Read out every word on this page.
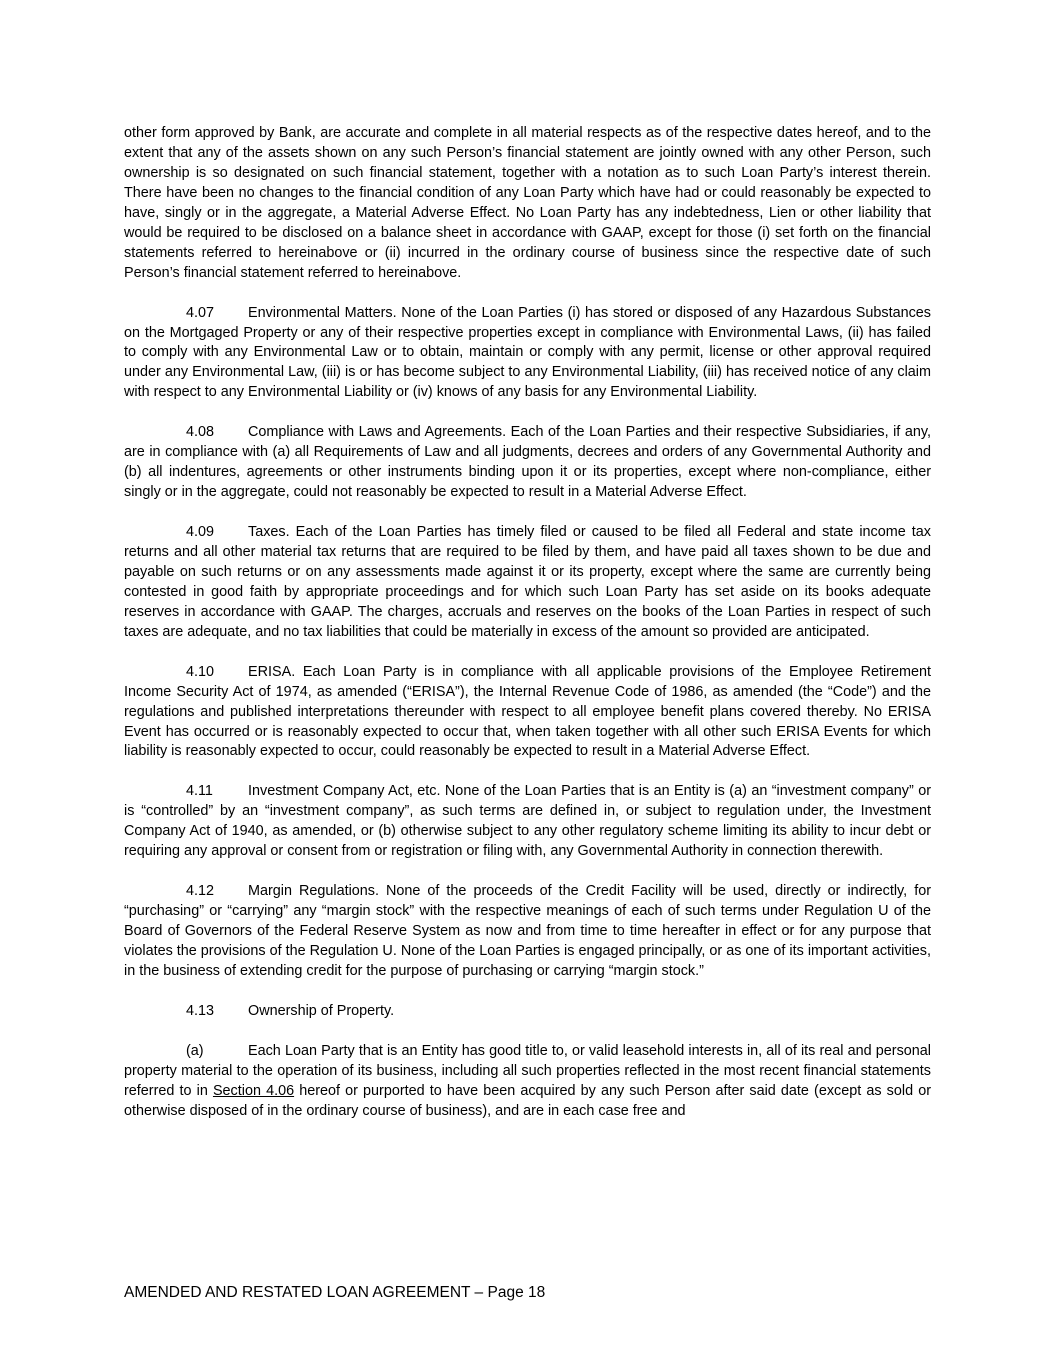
other form approved by Bank, are accurate and complete in all material respects as of the respective dates hereof, and to the extent that any of the assets shown on any such Person’s financial statement are jointly owned with any other Person, such ownership is so designated on such financial statement, together with a notation as to such Loan Party’s interest therein. There have been no changes to the financial condition of any Loan Party which have had or could reasonably be expected to have, singly or in the aggregate, a Material Adverse Effect. No Loan Party has any indebtedness, Lien or other liability that would be required to be disclosed on a balance sheet in accordance with GAAP, except for those (i) set forth on the financial statements referred to hereinabove or (ii) incurred in the ordinary course of business since the respective date of such Person’s financial statement referred to hereinabove.

4.07 Environmental Matters. None of the Loan Parties (i) has stored or disposed of any Hazardous Substances on the Mortgaged Property or any of their respective properties except in compliance with Environmental Laws, (ii) has failed to comply with any Environmental Law or to obtain, maintain or comply with any permit, license or other approval required under any Environmental Law, (iii) is or has become subject to any Environmental Liability, (iii) has received notice of any claim with respect to any Environmental Liability or (iv) knows of any basis for any Environmental Liability.

4.08 Compliance with Laws and Agreements. Each of the Loan Parties and their respective Subsidiaries, if any, are in compliance with (a) all Requirements of Law and all judgments, decrees and orders of any Governmental Authority and (b) all indentures, agreements or other instruments binding upon it or its properties, except where non-compliance, either singly or in the aggregate, could not reasonably be expected to result in a Material Adverse Effect.

4.09 Taxes. Each of the Loan Parties has timely filed or caused to be filed all Federal and state income tax returns and all other material tax returns that are required to be filed by them, and have paid all taxes shown to be due and payable on such returns or on any assessments made against it or its property, except where the same are currently being contested in good faith by appropriate proceedings and for which such Loan Party has set aside on its books adequate reserves in accordance with GAAP. The charges, accruals and reserves on the books of the Loan Parties in respect of such taxes are adequate, and no tax liabilities that could be materially in excess of the amount so provided are anticipated.

4.10 ERISA. Each Loan Party is in compliance with all applicable provisions of the Employee Retirement Income Security Act of 1974, as amended (“ERISA”), the Internal Revenue Code of 1986, as amended (the “Code”) and the regulations and published interpretations thereunder with respect to all employee benefit plans covered thereby. No ERISA Event has occurred or is reasonably expected to occur that, when taken together with all other such ERISA Events for which liability is reasonably expected to occur, could reasonably be expected to result in a Material Adverse Effect.

4.11 Investment Company Act, etc. None of the Loan Parties that is an Entity is (a) an “investment company” or is “controlled” by an “investment company”, as such terms are defined in, or subject to regulation under, the Investment Company Act of 1940, as amended, or (b) otherwise subject to any other regulatory scheme limiting its ability to incur debt or requiring any approval or consent from or registration or filing with, any Governmental Authority in connection therewith.

4.12 Margin Regulations. None of the proceeds of the Credit Facility will be used, directly or indirectly, for “purchasing” or “carrying” any “margin stock” with the respective meanings of each of such terms under Regulation U of the Board of Governors of the Federal Reserve System as now and from time to time hereafter in effect or for any purpose that violates the provisions of the Regulation U. None of the Loan Parties is engaged principally, or as one of its important activities, in the business of extending credit for the purpose of purchasing or carrying “margin stock.”

4.13 Ownership of Property.

(a)	Each Loan Party that is an Entity has good title to, or valid leasehold interests in, all of its real and personal property material to the operation of its business, including all such properties reflected in the most recent financial statements referred to in Section 4.06 hereof or purported to have been acquired by any such Person after said date (except as sold or otherwise disposed of in the ordinary course of business), and are in each case free and

AMENDED AND RESTATED LOAN AGREEMENT – Page 18
